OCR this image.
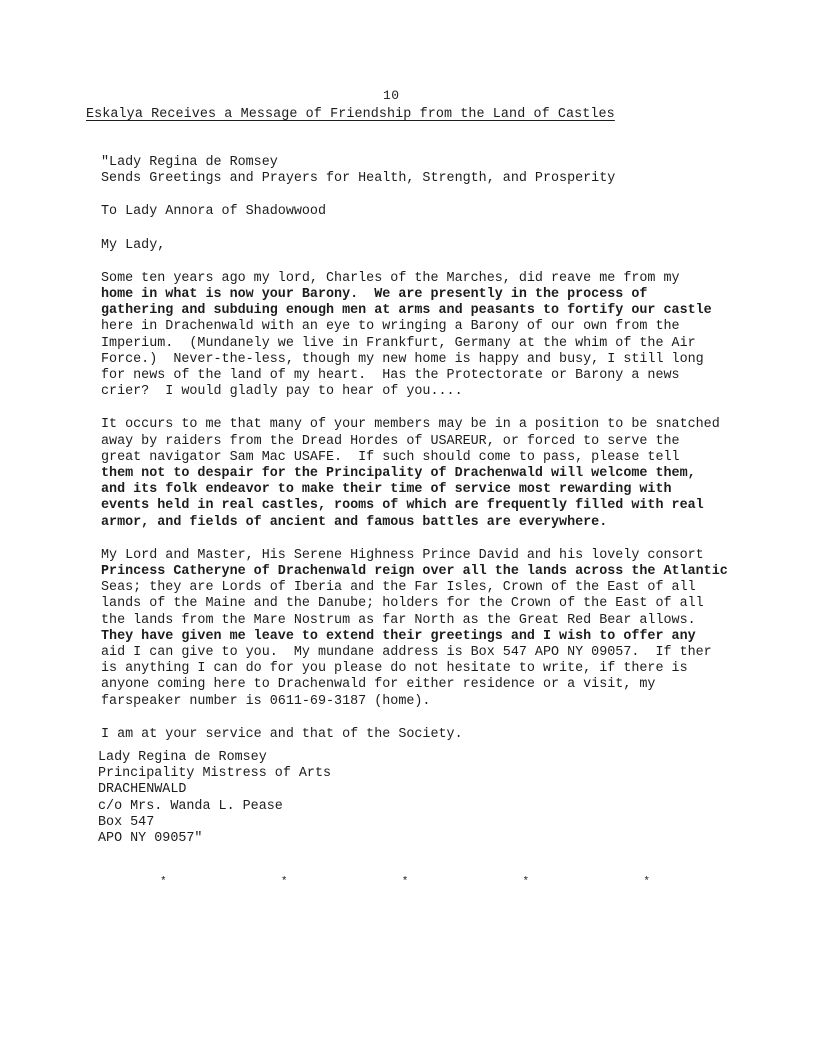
10
Eskalya Receives a Message of Friendship from the Land of Castles
"Lady Regina de Romsey
Sends Greetings and Prayers for Health, Strength, and Prosperity
To Lady Annora of Shadowwood
My Lady,
Some ten years ago my lord, Charles of the Marches, did reave me from my
home in what is now your Barony.  We are presently in the process of
gathering and subduing enough men at arms and peasants to fortify our castle
here in Drachenwald with an eye to wringing a Barony of our own from the
Imperium.  (Mundanely we live in Frankfurt, Germany at the whim of the Air
Force.)  Never-the-less, though my new home is happy and busy, I still long
for news of the land of my heart.  Has the Protectorate or Barony a news
crier?  I would gladly pay to hear of you....
It occurs to me that many of your members may be in a position to be snatched
away by raiders from the Dread Hordes of USAREUR, or forced to serve the
great navigator Sam Mac USAFE.  If such should come to pass, please tell
them not to despair for the Principality of Drachenwald will welcome them,
and its folk endeavor to make their time of service most rewarding with
events held in real castles, rooms of which are frequently filled with real
armor, and fields of ancient and famous battles are everywhere.
My Lord and Master, His Serene Highness Prince David and his lovely consort
Princess Catheryne of Drachenwald reign over all the lands across the Atlantic
Seas; they are Lords of Iberia and the Far Isles, Crown of the East of all
lands of the Maine and the Danube; holders for the Crown of the East of all
the lands from the Mare Nostrum as far North as the Great Red Bear allows.
They have given me leave to extend their greetings and I wish to offer any
aid I can give to you.  My mundane address is Box 547 APO NY 09057.  If ther
is anything I can do for you please do not hesitate to write, if there is
anyone coming here to Drachenwald for either residence or a visit, my
farspeaker number is 0611-69-3187 (home).
I am at your service and that of the Society.
Lady Regina de Romsey
Principality Mistress of Arts
DRACHENWALD
c/o Mrs. Wanda L. Pease
Box 547
APO NY 09057"
*	*	*	*	*
